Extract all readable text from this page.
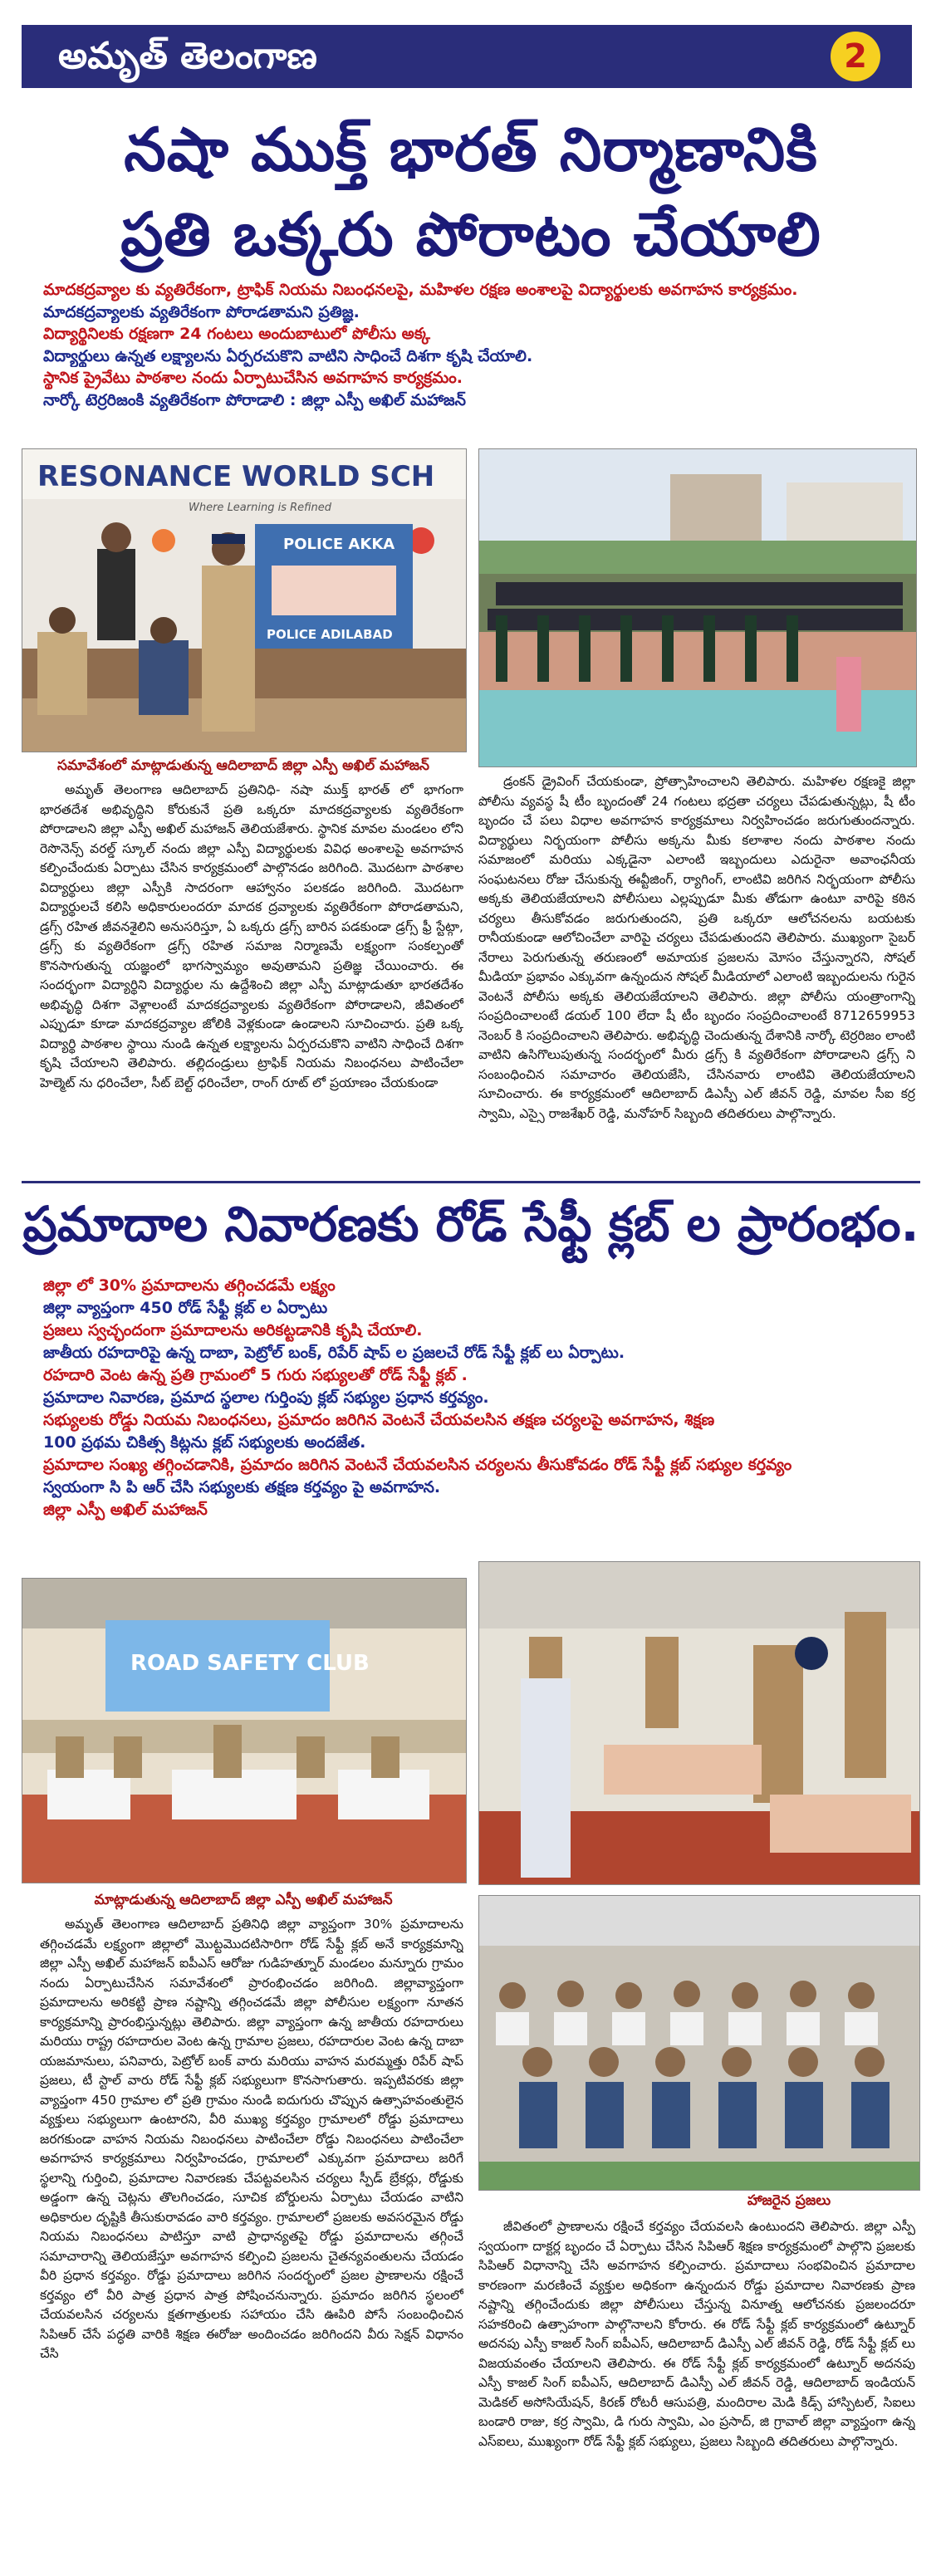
అమృత్ తెలంగాణ	2
నషా ముక్త్ భారత్ నిర్మాణానికి
ప్రతి ఒక్కరు పోరాటం చేయాలి
మాదకద్రవ్యాల కు వ్యతిరేకంగా, ట్రాఫిక్ నియమ నిబంధనలపై, మహిళల రక్షణ అంశాలపై విద్యార్థులకు అవగాహన కార్యక్రమం.
మాదకద్రవ్యాలకు వ్యతిరేకంగా పోరాడతామని ప్రతిజ్ఞ.
విద్యార్థినిలకు రక్షణగా 24 గంటలు అందుబాటులో పోలీసు అక్క
విద్యార్థులు ఉన్నత లక్ష్యాలను ఏర్పరచుకొని వాటిని సాధించే దిశగా కృషి చేయాలి.
స్థానిక ప్రైవేటు పాఠశాల నందు ఏర్పాటుచేసిన అవగాహన కార్యక్రమం.
నార్కో టెర్రరిజంకి వ్యతిరేకంగా పోరాడాలి : జిల్లా ఎస్పీ అఖిల్ మహాజన్
RESONANCE WORLD SCH
Where Learning is Refined
POLICE AKKA
POLICE ADILABAD
సమావేశంలో మాట్లాడుతున్న ఆదిలాబాద్ జిల్లా ఎస్పీ అఖిల్ మహాజన్

అమృత్ తెలంగాణ ఆదిలాబాద్ ప్రతినిధి- నషా ముక్త్ భారత్ లో భాగంగా భారతదేశ అభివృద్ధిని కోరుకునే ప్రతి ఒక్కరూ మాదకద్రవ్యాలకు వ్యతిరేకంగా పోరాడాలని జిల్లా ఎస్పీ అఖిల్ మహాజన్ తెలియజేశారు. స్థానిక మావల మండలం లోని రెసొనెన్స్ వరల్డ్ స్కూల్ నందు జిల్లా ఎస్పీ విద్యార్థులకు వివిధ అంశాలపై అవగాహన కల్పించేందుకు ఏర్పాటు చేసిన కార్యక్రమంలో పాల్గొనడం జరిగింది. మొదటగా పాఠశాల విద్యార్థులు జిల్లా ఎస్పీకి సాదరంగా ఆహ్వానం పలకడం జరిగింది. మొదటగా విద్యార్థులచే కలిసి అధికారులందరూ మాదక ద్రవ్యాలకు వ్యతిరేకంగా పోరాడతామని, డ్రగ్స్ రహిత జీవనశైలిని అనుసరిస్తూ, ఏ ఒక్కరు డ్రగ్స్ బారిన పడకుండా డ్రగ్స్ ఫ్రీ స్టేట్గా, డ్రగ్స్ కు వ్యతిరేకంగా డ్రగ్స్ రహిత సమాజ నిర్మాణమే లక్ష్యంగా సంకల్పంతో కొనసాగుతున్న యజ్ఞంలో భాగస్వామ్యం అవుతామని ప్రతిజ్ఞ చేయించారు. ఈ సందర్భంగా విద్యార్థిని విద్యార్థుల ను ఉద్దేశించి జిల్లా ఎస్పీ మాట్లాడుతూ భారతదేశం అభివృద్ధి దిశగా వెళ్లాలంటే మాదకద్రవ్యాలకు వ్యతిరేకంగా పోరాడాలని, జీవితంలో ఎప్పుడూ కూడా మాదకద్రవ్యాల జోలికి వెళ్లకుండా ఉండాలని సూచించారు. ప్రతి ఒక్క విద్యార్థి పాఠశాల స్థాయి నుండి ఉన్నత లక్ష్యాలను ఏర్పరచుకొని వాటిని సాధించే దిశగా కృషి చేయాలని తెలిపారు. తల్లిదండ్రులు ట్రాఫిక్ నియమ నిబంధనలు పాటించేలా హెల్మెట్ ను ధరించేలా, సీట్ బెల్ట్ ధరించేలా, రాంగ్ రూట్ లో ప్రయాణం చేయకుండా

డ్రంకన్ డ్రైవింగ్ చేయకుండా, ప్రోత్సాహించాలని తెలిపారు. మహిళల రక్షణకై జిల్లా పోలీసు వ్యవస్థ షీ టీం బృందంతో 24 గంటలు భద్రతా చర్యలు చేపడుతున్నట్లు, షీ టీం బృందం చే పలు విధాల అవగాహన కార్యక్రమాలు నిర్వహించడం జరుగుతుందన్నారు. విద్యార్థులు నిర్భయంగా పోలీసు అక్కను మీకు కలాశాల నందు పాఠశాల నందు సమాజంలో మరియు ఎక్కడైనా ఎలాంటి ఇబ్బందులు ఎదురైనా అవాంఛనీయ సంఘటనలు రోజు చేసుకున్న ఈవ్టీజింగ్, ర్యాగింగ్, లాంటివి జరిగిన నిర్భయంగా పోలీసు అక్కకు తెలియజేయాలని పోలీసులు ఎల్లప్పుడూ మీకు తోడుగా ఉంటూ వారిపై కఠిన చర్యలు తీసుకోవడం జరుగుతుందని, ప్రతి ఒక్కరూ ఆలోచనలను బయటకు రానీయకుండా ఆలోచించేలా వారిపై చర్యలు చేపడుతుందని తెలిపారు. ముఖ్యంగా సైబర్ నేరాలు పెరుగుతున్న తరుణంలో అమాయక ప్రజలను మోసం చేస్తున్నారని, సోషల్ మీడియా ప్రభావం ఎక్కువగా ఉన్నందున సోషల్ మీడియాలో ఎలాంటి ఇబ్బందులను గురైన వెంటనే పోలీసు అక్కకు తెలియజేయాలని తెలిపారు. జిల్లా పోలీసు యంత్రాంగాన్ని సంప్రదించాలంటే డయల్ 100 లేదా షీ టీం బృందం సంప్రదించాలంటే 8712659953 నెంబర్ కి సంప్రదించాలని తెలిపారు. అభివృద్ధి చెందుతున్న దేశానికి నార్కో టెర్రరిజం లాంటి వాటిని ఉసిగొలుపుతున్న సందర్భంలో మీరు డ్రగ్స్ కి వ్యతిరేకంగా పోరాడాలని డ్రగ్స్ ని సంబంధించిన సమాచారం తెలియజేసి, చేసినవారు లాంటివి తెలియజేయాలని సూచించారు. ఈ కార్యక్రమంలో ఆదిలాబాద్ డిఎస్పీ ఎల్ జీవన్ రెడ్డి, మావల సీఐ కర్ర స్వామి, ఎస్సై రాజశేఖర్ రెడ్డి, మనోహర్ సిబ్బంది తదితరులు పాల్గొన్నారు.

ప్రమాదాల నివారణకు రోడ్ సేఫ్టీ క్లబ్ ల ప్రారంభం.
జిల్లా లో 30% ప్రమాదాలను తగ్గించడమే లక్ష్యం
జిల్లా వ్యాప్తంగా 450 రోడ్ సేఫ్టీ క్లబ్ ల ఏర్పాటు
ప్రజలు స్వచ్ఛందంగా ప్రమాదాలను అరికట్టడానికి కృషి చేయాలి.
జాతీయ రహదారిపై ఉన్న దాబా, పెట్రోల్ బంక్, రిపేర్ షాప్ ల ప్రజలచే రోడ్ సేఫ్టీ క్లబ్ లు ఏర్పాటు.
రహదారి వెంట ఉన్న ప్రతి గ్రామంలో 5 గురు సభ్యులతో రోడ్ సేఫ్టీ క్లబ్ .
ప్రమాదాల నివారణ, ప్రమాద స్థలాల గుర్తింపు క్లబ్ సభ్యుల ప్రధాన కర్తవ్యం.
సభ్యులకు రోడ్డు నియమ నిబంధనలు, ప్రమాదం జరిగిన వెంటనే చేయవలసిన తక్షణ చర్యలపై అవగాహన, శిక్షణ
100 ప్రథమ చికిత్స కిట్లను క్లబ్ సభ్యులకు అందజేత.
ప్రమాదాల సంఖ్య తగ్గించడానికి, ప్రమాదం జరిగిన వెంటనే చేయవలసిన చర్యలను తీసుకోవడం రోడ్ సేఫ్టీ క్లబ్ సభ్యుల కర్తవ్యం
స్వయంగా సి పి ఆర్ చేసి సభ్యులకు తక్షణ కర్తవ్యం పై అవగాహన.
జిల్లా ఎస్పీ అఖిల్ మహాజన్
ROAD SAFETY CLUB
మాట్లాడుతున్న ఆదిలాబాద్ జిల్లా ఎస్పీ అఖిల్ మహాజన్
హాజరైన ప్రజలు

అమృత్ తెలంగాణ ఆదిలాబాద్ ప్రతినిధి జిల్లా వ్యాప్తంగా 30% ప్రమాదాలను తగ్గించడమే లక్ష్యంగా జిల్లాలో మొట్టమొదటిసారిగా రోడ్ సేఫ్టీ క్లబ్ అనే కార్యక్రమాన్ని జిల్లా ఎస్పీ అఖిల్ మహాజన్ ఐపీఎస్ ఆరోజు గుడిహత్నూర్ మండలం మన్నూరు గ్రామం నందు ఏర్పాటుచేసిన సమావేశంలో ప్రారంభించడం జరిగింది. జిల్లావ్యాప్తంగా ప్రమాదాలను అరికట్టి ప్రాణ నష్టాన్ని తగ్గించడమే జిల్లా పోలీసుల లక్ష్యంగా నూతన కార్యక్రమాన్ని ప్రారంభిస్తున్నట్లు తెలిపారు. జిల్లా వ్యాప్తంగా ఉన్న జాతీయ రహదారులు మరియు రాష్ట్ర రహదారుల వెంట ఉన్న గ్రామాల ప్రజలు, రహదారుల వెంట ఉన్న దాబా యజమానులు, పనివారు, పెట్రోల్ బంక్ వారు మరియు వాహన మరమ్మత్తు రిపేర్ షాప్ ప్రజలు, టీ స్టాల్ వారు రోడ్ సేఫ్టీ క్లబ్ సభ్యులుగా కొనసాగుతారు. ఇప్పటివరకు జిల్లా వ్యాప్తంగా 450 గ్రామాల లో ప్రతి గ్రామం నుండి ఐదుగురు చొప్పున ఉత్సాహవంతులైన వ్యక్తులు సభ్యులుగా ఉంటారని, వీరి ముఖ్య కర్తవ్యం గ్రామాలలో రోడ్డు ప్రమాదాలు జరగకుండా వాహన నియమ నిబంధనలు పాటించేలా రోడ్డు నిబంధనలు పాటించేలా అవగాహన కార్యక్రమాలు నిర్వహించడం, గ్రామాలలో ఎక్కువగా ప్రమాదాలు జరిగే స్థలాన్ని గుర్తించి, ప్రమాదాల నివారణకు చేపట్టవలసిన చర్యలు స్పీడ్ బ్రేకర్లు, రోడ్డుకు అడ్డంగా ఉన్న చెట్లను తొలగించడం, సూచిక బోర్డులను ఏర్పాటు చేయడం వాటిని అధికారుల దృష్టికి తీసుకురావడం వారి కర్తవ్యం. గ్రామాలలో ప్రజలకు అవసరమైన రోడ్డు నియమ నిబంధనలు పాటిస్తూ వాటి ప్రాధాన్యతపై రోడ్డు ప్రమాదాలను తగ్గించే సమాచారాన్ని తెలియజేస్తూ అవగాహన కల్పించి ప్రజలను చైతన్యవంతులను చేయడం వీరి ప్రధాన కర్తవ్యం. రోడ్డు ప్రమాదాలు జరిగిన సందర్భంలో ప్రజల ప్రాణాలను రక్షించే కర్తవ్యం లో వీరి పాత్ర ప్రధాన పాత్ర పోషించనున్నారు. ప్రమాదం జరిగిన స్థలంలో చేయవలసిన చర్యలను క్షతగాత్రులకు సహాయం చేసి ఊపిరి పోసే సంబంధించిన సిపిఆర్ చేసే పద్ధతి వారికి శిక్షణ ఈరోజు అందించడం జరిగిందని వీరు సెక్షన్ విధానం చేసి

జీవితంలో ప్రాణాలను రక్షించే కర్తవ్యం చేయవలసి ఉంటుందని తెలిపారు. జిల్లా ఎస్పీ స్వయంగా దాక్టర్ల బృందం చే ఏర్పాటు చేసిన సిపిఆర్ శిక్షణ కార్యక్రమంలో పాల్గొని ప్రజలకు సిపిఆర్ విధానాన్ని చేసి అవగాహన కల్పించారు. ప్రమాదాలు సంభవించిన ప్రమాదాల కారణంగా మరణించే వ్యక్తుల అధికంగా ఉన్నందున రోడ్డు ప్రమాదాల నివారణకు ప్రాణ నష్టాన్ని తగ్గించేందుకు జిల్లా పోలీసులు చేస్తున్న వినూత్న ఆలోచనకు ప్రజలందరూ సహకరించి ఉత్సాహంగా పాల్గొనాలని కోరారు. ఈ రోడ్ సేఫ్టీ క్లబ్ కార్యక్రమంలో ఉట్నూర్ అదనపు ఎస్పీ కాజల్ సింగ్ ఐపీఎస్, ఆదిలాబాద్ డిఎస్పీ ఎల్ జీవన్ రెడ్డి, రోడ్ సేఫ్టీ క్లబ్ లు విజయవంతం చేయాలని తెలిపారు. ఈ రోడ్ సేఫ్టీ క్లబ్ కార్యక్రమంలో ఉట్నూర్ అదనపు ఎస్పీ కాజల్ సింగ్ ఐపీఎస్, ఆదిలాబాద్ డిఎస్పీ ఎల్ జీవన్ రెడ్డి, ఆదిలాబాద్ ఇండియన్ మెడికల్ అసోసియేషన్, కిరణ్ రోటరీ ఆసుపత్రి, మందిరాల మెడి కిడ్స్ హాస్పిటల్, సిఐలు బండారి రాజు, కర్ర స్వామి, డి గురు స్వామి, ఎం ప్రసాద్, జి గ్రావాల్ జిల్లా వ్యాప్తంగా ఉన్న ఎస్ఐలు, ముఖ్యంగా రోడ్ సేఫ్టీ క్లబ్ సభ్యులు, ప్రజలు సిబ్బంది తదితరులు పాల్గొన్నారు.
